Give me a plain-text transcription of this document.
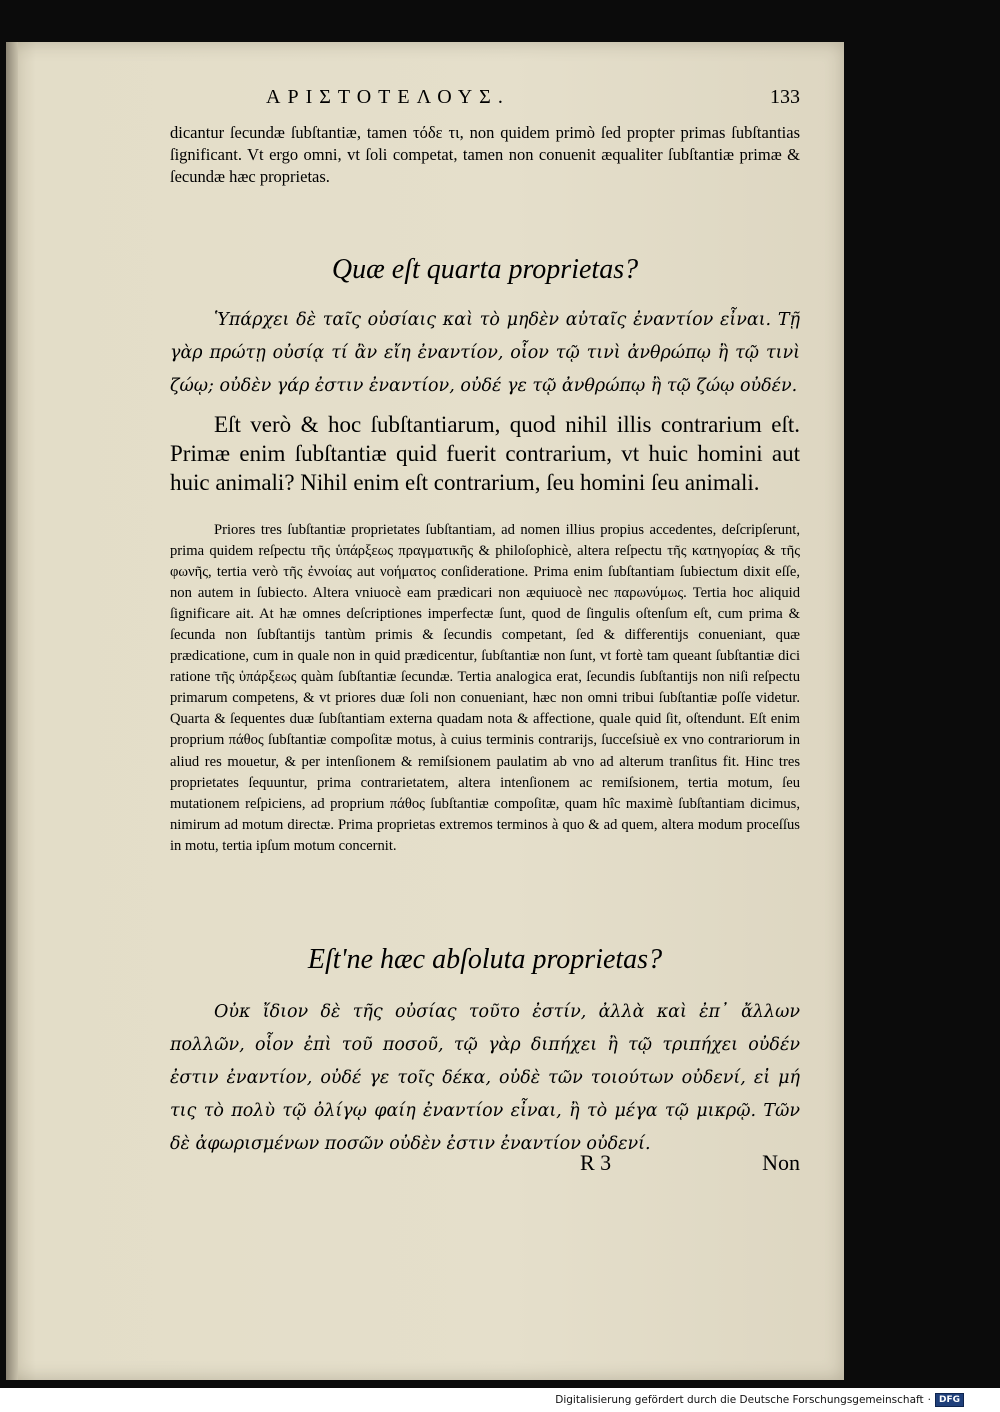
ΑΡΙΣΤΟΤΕΛΟΥΣ.	133
dicantur ſecundæ ſubſtantiæ, tamen τόδε τι, non quidem primò ſed propter primas ſubſtantias ſignificant. Vt ergo omni, vt ſoli competat, tamen non conuenit æqualiter ſubſtantiæ primæ & ſecundæ hæc proprietas.
Quæ eſt quarta proprietas?
Ὑπάρχει δὲ ταῖς οὐσίαις καὶ τὸ μηδὲν αὐταῖς ἐναντίον εἶναι. Τῇ γὰρ πρώτῃ οὐσίᾳ τί ἂν εἴη ἐναντίον, οἷον τῷ τινὶ ἀνθρώπῳ ἢ τῷ τινὶ ζώῳ; οὐδὲν γάρ ἐστιν ἐναντίον, οὐδέ γε τῷ ἀνθρώπῳ ἢ τῷ ζώῳ οὐδέν.
Eſt verò & hoc ſubſtantiarum, quod nihil illis contrarium eſt. Primæ enim ſubſtantiæ quid fuerit contrarium, vt huic homini aut huic animali? Nihil enim eſt contrarium, ſeu homini ſeu animali.
Priores tres ſubſtantiæ proprietates ſubſtantiam, ad nomen illius propius accedentes, deſcripſerunt, prima quidem reſpectu τῆς ὑπάρξεως πραγματικῆς & philoſophicè, altera reſpectu τῆς κατηγορίας & τῆς φωνῆς, tertia verò τῆς ἐννοίας aut νοήματος conſideratione. Prima enim ſubſtantiam ſubiectum dixit eſſe, non autem in ſubiecto. Altera vniuocè eam prædicari non æquiuocè nec παρωνύμως. Tertia hoc aliquid ſignificare ait. At hæ omnes deſcriptiones imperfectæ ſunt, quod de ſingulis oſtenſum eſt, cum prima & ſecunda non ſubſtantijs tantùm primis & ſecundis competant, ſed & differentijs conueniant, quæ prædicatione, cum in quale non in quid prædicentur, ſubſtantiæ non ſunt, vt fortè tam queant ſubſtantiæ dici ratione τῆς ὑπάρξεως quàm ſubſtantiæ ſecundæ. Tertia analogica erat, ſecundis ſubſtantijs non niſi reſpectu primarum competens, & vt priores duæ ſoli non conueniant, hæc non omni tribui ſubſtantiæ poſſe videtur. Quarta & ſequentes duæ ſubſtantiam externa quadam nota & affectione, quale quid ſit, oſtendunt. Eſt enim proprium πάθος ſubſtantiæ compoſitæ motus, à cuius terminis contrarijs, ſucceſsiuè ex vno contrariorum in aliud res mouetur, & per intenſionem & remiſsionem paulatim ab vno ad alterum tranſitus fit. Hinc tres proprietates ſequuntur, prima contrarietatem, altera intenſionem ac remiſsionem, tertia motum, ſeu mutationem reſpiciens, ad proprium πάθος ſubſtantiæ compoſitæ, quam hîc maximè ſubſtantiam dicimus, nimirum ad motum directæ. Prima proprietas extremos terminos à quo & ad quem, altera modum proceſſus in motu, tertia ipſum motum concernit.
Eſt'ne hæc abſoluta proprietas?
Οὐκ ἴδιον δὲ τῆς οὐσίας τοῦτο ἐστίν, ἀλλὰ καὶ ἐπ᾽ ἄλλων πολλῶν, οἷον ἐπὶ τοῦ ποσοῦ, τῷ γὰρ διπήχει ἢ τῷ τριπήχει οὐδέν ἐστιν ἐναντίον, οὐδέ γε τοῖς δέκα, οὐδὲ τῶν τοιούτων οὐδενί, εἰ μή τις τὸ πολὺ τῷ ὀλίγῳ φαίη ἐναντίον εἶναι, ἢ τὸ μέγα τῷ μικρῷ. Τῶν δὲ ἀφωρισμένων ποσῶν οὐδὲν ἐστιν ἐναντίον οὐδενί.
R 3	Non
Digitalisierung gefördert durch die Deutsche Forschungsgemeinschaft · DFG
